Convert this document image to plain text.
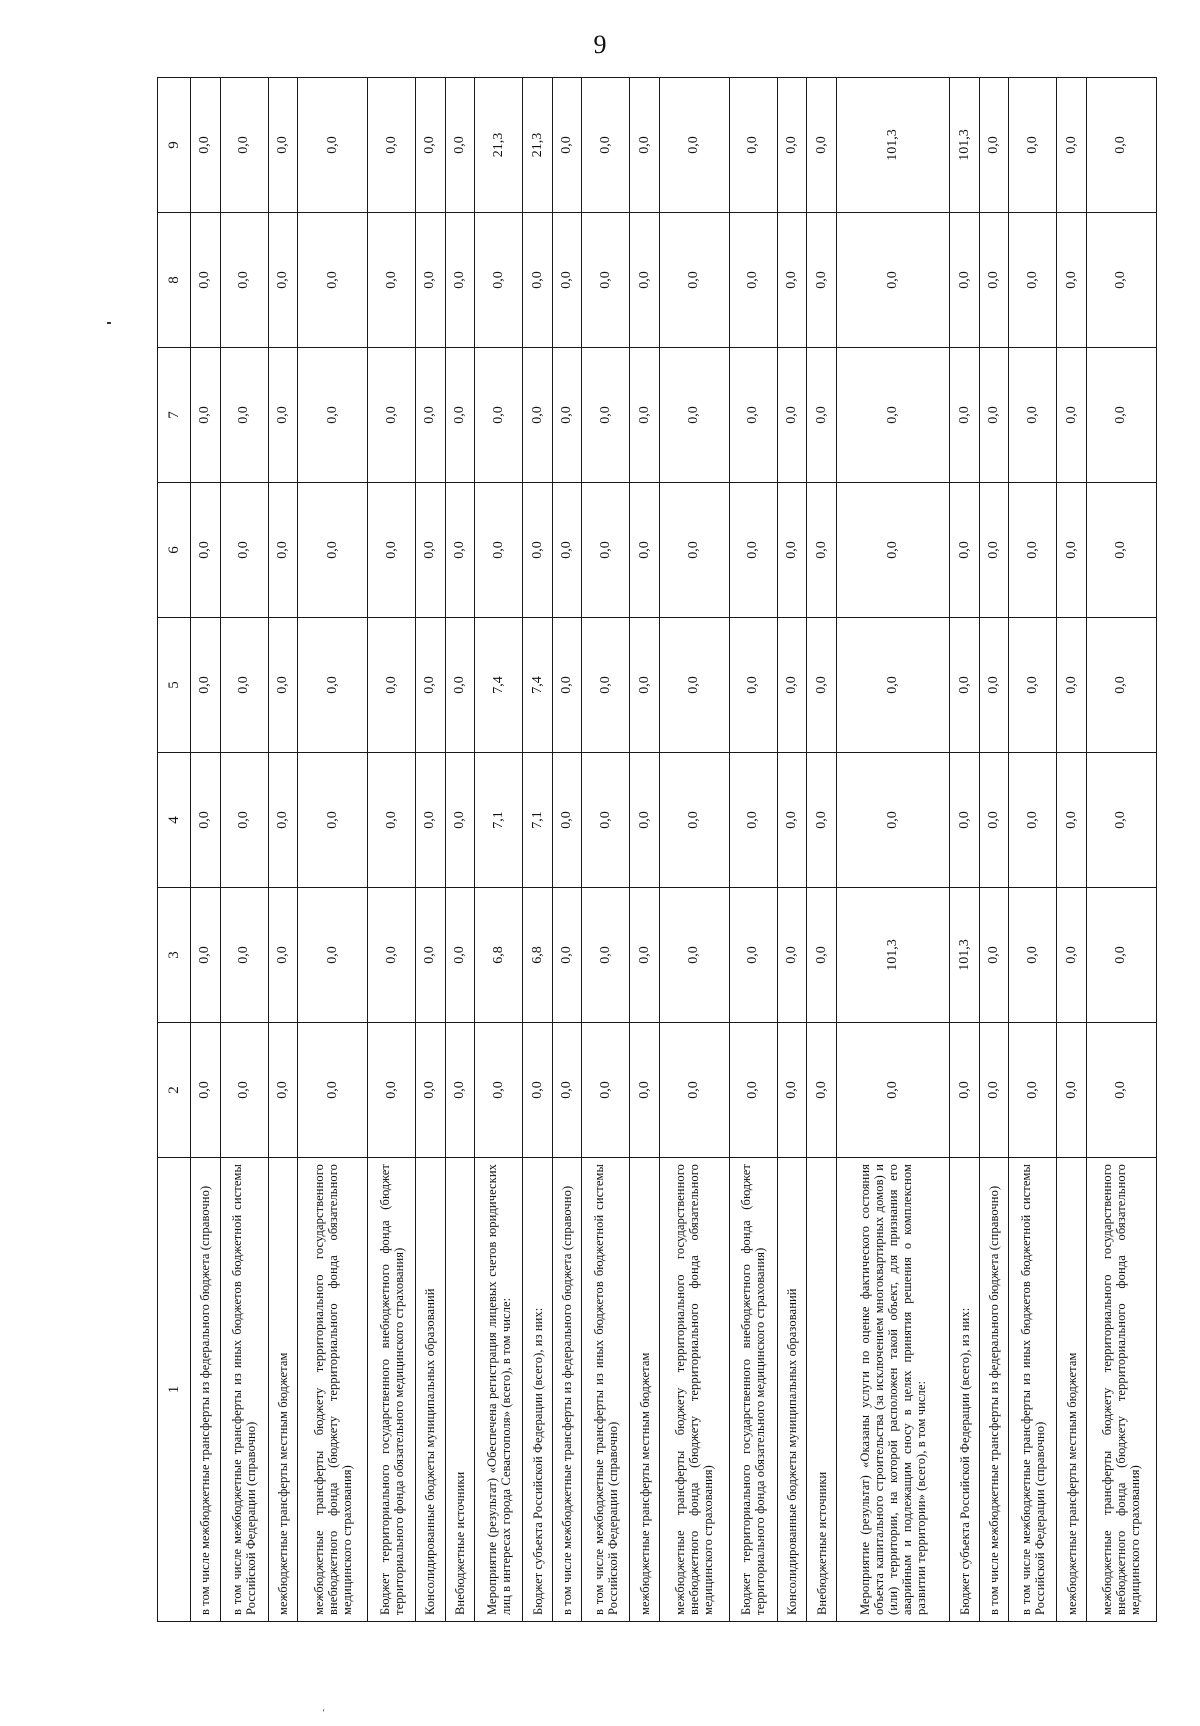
9
ʻ
1	2	3	4	5	6	7	8	9
в том числе межбюджетные трансферты из федерального бюджета (справочно)	0,0	0,0	0,0	0,0	0,0	0,0	0,0	0,0
в том числе межбюджетные трансферты из иных бюджетов бюджетной системы Российской Федерации (справочно)	0,0	0,0	0,0	0,0	0,0	0,0	0,0	0,0
межбюджетные трансферты местным бюджетам	0,0	0,0	0,0	0,0	0,0	0,0	0,0	0,0
межбюджетные трансферты бюджету территориального государственного внебюджетного фонда (бюджету территориального фонда обязательного медицинского страхования)	0,0	0,0	0,0	0,0	0,0	0,0	0,0	0,0
Бюджет территориального государственного внебюджетного фонда (бюджет территориального фонда обязательного медицинского страхования)	0,0	0,0	0,0	0,0	0,0	0,0	0,0	0,0
Консолидированные бюджеты муниципальных образований	0,0	0,0	0,0	0,0	0,0	0,0	0,0	0,0
Внебюджетные источники	0,0	0,0	0,0	0,0	0,0	0,0	0,0	0,0
Мероприятие (результат) «Обеспечена регистрация лицевых счетов юридических лиц в интересах города Севастополя» (всего), в том числе:	0,0	6,8	7,1	7,4	0,0	0,0	0,0	21,3
Бюджет субъекта Российской Федерации (всего), из них:	0,0	6,8	7,1	7,4	0,0	0,0	0,0	21,3
в том числе межбюджетные трансферты из федерального бюджета (справочно)	0,0	0,0	0,0	0,0	0,0	0,0	0,0	0,0
в том числе межбюджетные трансферты из иных бюджетов бюджетной системы Российской Федерации (справочно)	0,0	0,0	0,0	0,0	0,0	0,0	0,0	0,0
межбюджетные трансферты местным бюджетам	0,0	0,0	0,0	0,0	0,0	0,0	0,0	0,0
межбюджетные трансферты бюджету территориального государственного внебюджетного фонда (бюджету территориального фонда обязательного медицинского страхования)	0,0	0,0	0,0	0,0	0,0	0,0	0,0	0,0
Бюджет территориального государственного внебюджетного фонда (бюджет территориального фонда обязательного медицинского страхования)	0,0	0,0	0,0	0,0	0,0	0,0	0,0	0,0
Консолидированные бюджеты муниципальных образований	0,0	0,0	0,0	0,0	0,0	0,0	0,0	0,0
Внебюджетные источники	0,0	0,0	0,0	0,0	0,0	0,0	0,0	0,0
Мероприятие (результат) «Оказаны услуги по оценке фактического состояния объекта капитального строительства (за исключением многоквартирных домов) и (или) территории, на которой расположен такой объект, для признания его аварийным и подлежащим сносу в целях принятия решения о комплексном развитии территории» (всего), в том числе:	0,0	101,3	0,0	0,0	0,0	0,0	0,0	101,3
Бюджет субъекта Российской Федерации (всего), из них:	0,0	101,3	0,0	0,0	0,0	0,0	0,0	101,3
в том числе межбюджетные трансферты из федерального бюджета (справочно)	0,0	0,0	0,0	0,0	0,0	0,0	0,0	0,0
в том числе межбюджетные трансферты из иных бюджетов бюджетной системы Российской Федерации (справочно)	0,0	0,0	0,0	0,0	0,0	0,0	0,0	0,0
межбюджетные трансферты местным бюджетам	0,0	0,0	0,0	0,0	0,0	0,0	0,0	0,0
межбюджетные трансферты бюджету территориального государственного внебюджетного фонда (бюджету территориального фонда обязательного медицинского страхования)	0,0	0,0	0,0	0,0	0,0	0,0	0,0	0,0
